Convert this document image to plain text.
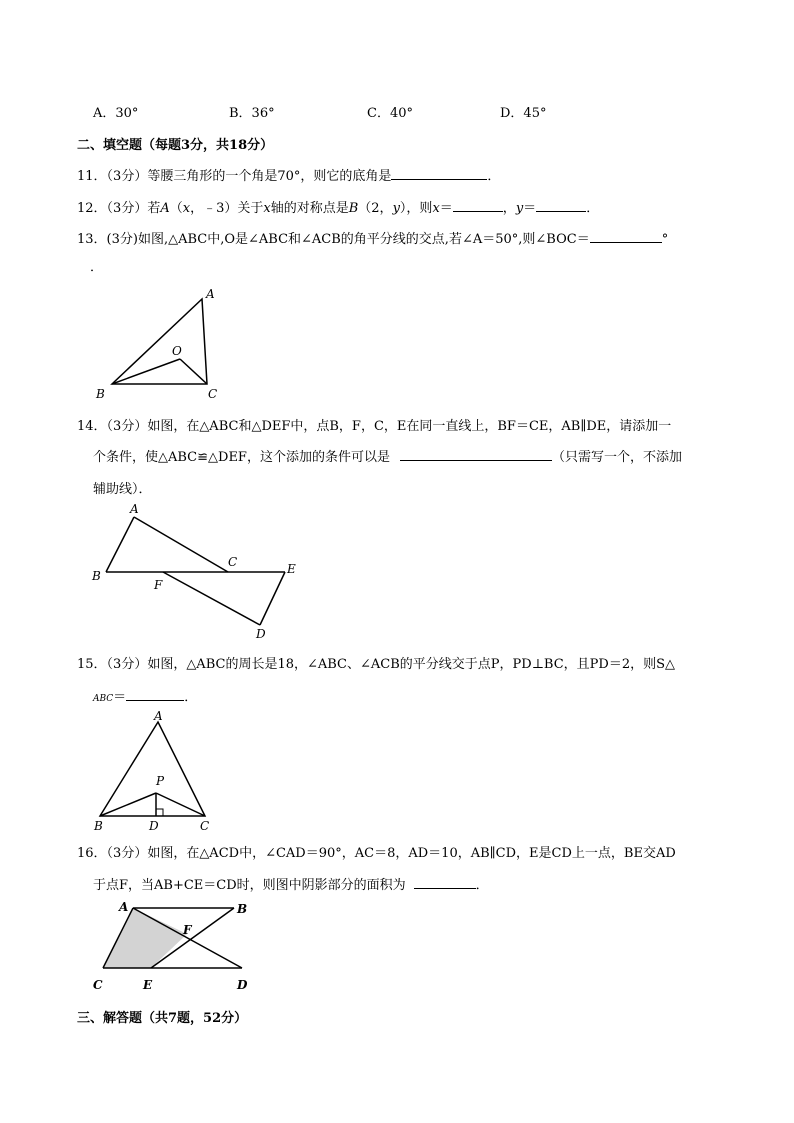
A．30°	B．36°	C．40°	D．45°
二、填空题（每题3分，共18分）
11．（3分）等腰三角形的一个角是70°，则它的底角是	．
12．（3分）若A（x，﹣3）关于x轴的对称点是B（2，y），则x＝	，y＝	．
13．(3分)如图,△ABC中,O是∠ABC和∠ACB的角平分线的交点,若∠A＝50°,则∠BOC＝	°
．
A
O
B	C
14．（3分）如图，在△ABC和△DEF中，点B，F，C，E在同一直线上，BF＝CE，AB∥DE，请添加一
个条件，使△ABC≌△DEF，这个添加的条件可以是	（只需写一个，不添加
辅助线）．
A
B
C	E
F
D
15．（3分）如图，△ABC的周长是18，∠ABC、∠ACB的平分线交于点P，PD⊥BC，且PD＝2，则S△
ABC＝	．
A
P
B	D	C
16．（3分）如图，在△ACD中，∠CAD＝90°，AC＝8，AD＝10，AB∥CD，E是CD上一点，BE交AD
于点F，当AB+CE＝CD时，则图中阴影部分的面积为	．
A	B
F
C	E	D
三、解答题（共7题，52分）
